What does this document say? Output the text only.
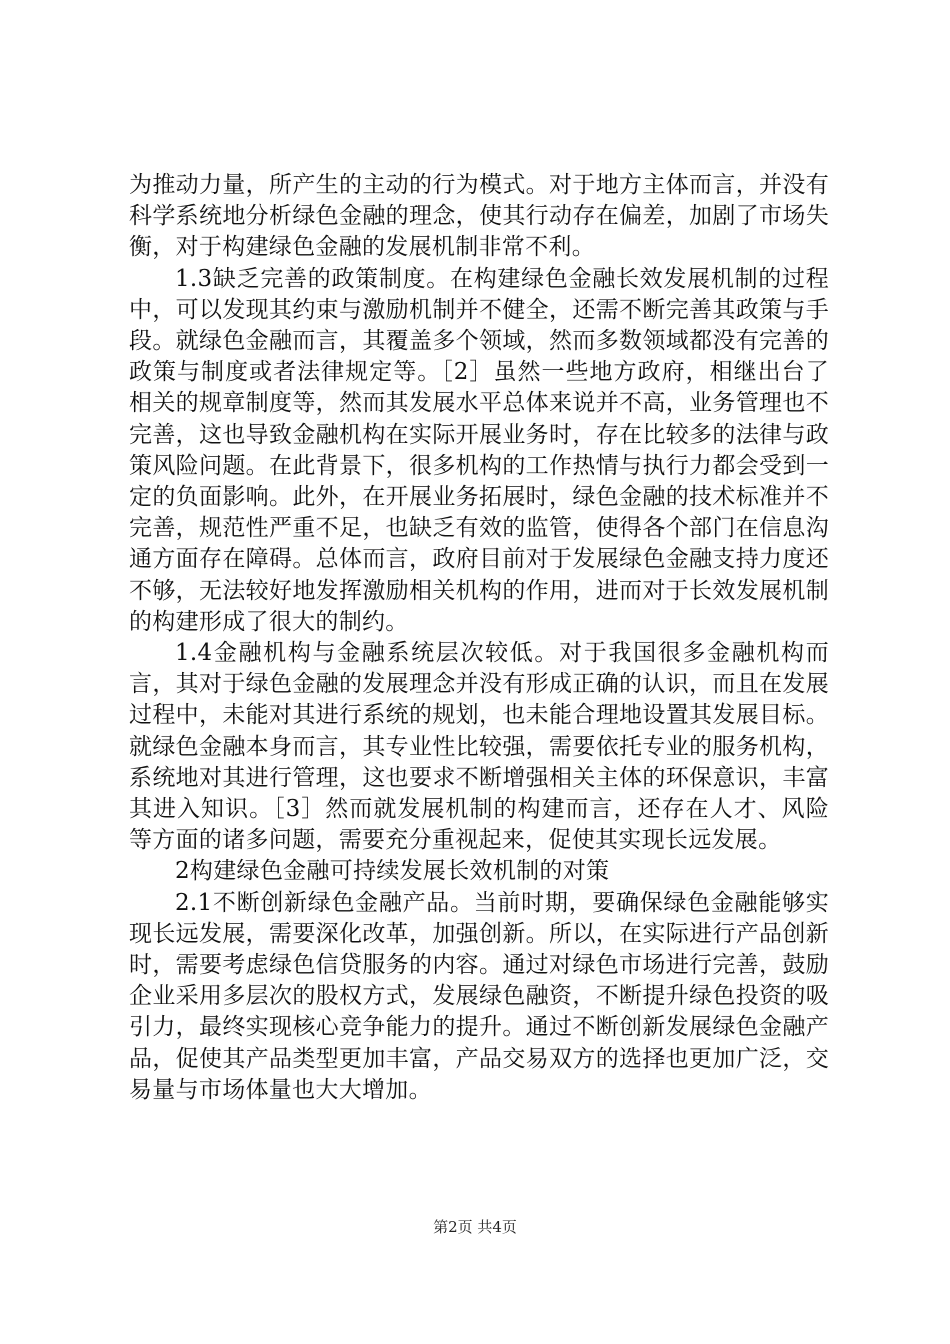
为推动力量，所产生的主动的行为模式。对于地方主体而言，并没有科学系统地分析绿色金融的理念，使其行动存在偏差，加剧了市场失衡，对于构建绿色金融的发展机制非常不利。

1.3缺乏完善的政策制度。在构建绿色金融长效发展机制的过程中，可以发现其约束与激励机制并不健全，还需不断完善其政策与手段。就绿色金融而言，其覆盖多个领域，然而多数领域都没有完善的政策与制度或者法律规定等。［2］虽然一些地方政府，相继出台了相关的规章制度等，然而其发展水平总体来说并不高，业务管理也不完善，这也导致金融机构在实际开展业务时，存在比较多的法律与政策风险问题。在此背景下，很多机构的工作热情与执行力都会受到一定的负面影响。此外，在开展业务拓展时，绿色金融的技术标准并不完善，规范性严重不足，也缺乏有效的监管，使得各个部门在信息沟通方面存在障碍。总体而言，政府目前对于发展绿色金融支持力度还不够，无法较好地发挥激励相关机构的作用，进而对于长效发展机制的构建形成了很大的制约。

1.4金融机构与金融系统层次较低。对于我国很多金融机构而言，其对于绿色金融的发展理念并没有形成正确的认识，而且在发展过程中，未能对其进行系统的规划，也未能合理地设置其发展目标。就绿色金融本身而言，其专业性比较强，需要依托专业的服务机构，系统地对其进行管理，这也要求不断增强相关主体的环保意识，丰富其进入知识。［3］然而就发展机制的构建而言，还存在人才、风险等方面的诸多问题，需要充分重视起来，促使其实现长远发展。

2构建绿色金融可持续发展长效机制的对策

2.1不断创新绿色金融产品。当前时期，要确保绿色金融能够实现长远发展，需要深化改革，加强创新。所以，在实际进行产品创新时，需要考虑绿色信贷服务的内容。通过对绿色市场进行完善，鼓励企业采用多层次的股权方式，发展绿色融资，不断提升绿色投资的吸引力，最终实现核心竞争能力的提升。通过不断创新发展绿色金融产品，促使其产品类型更加丰富，产品交易双方的选择也更加广泛，交易量与市场体量也大大增加。

第2页 共4页
